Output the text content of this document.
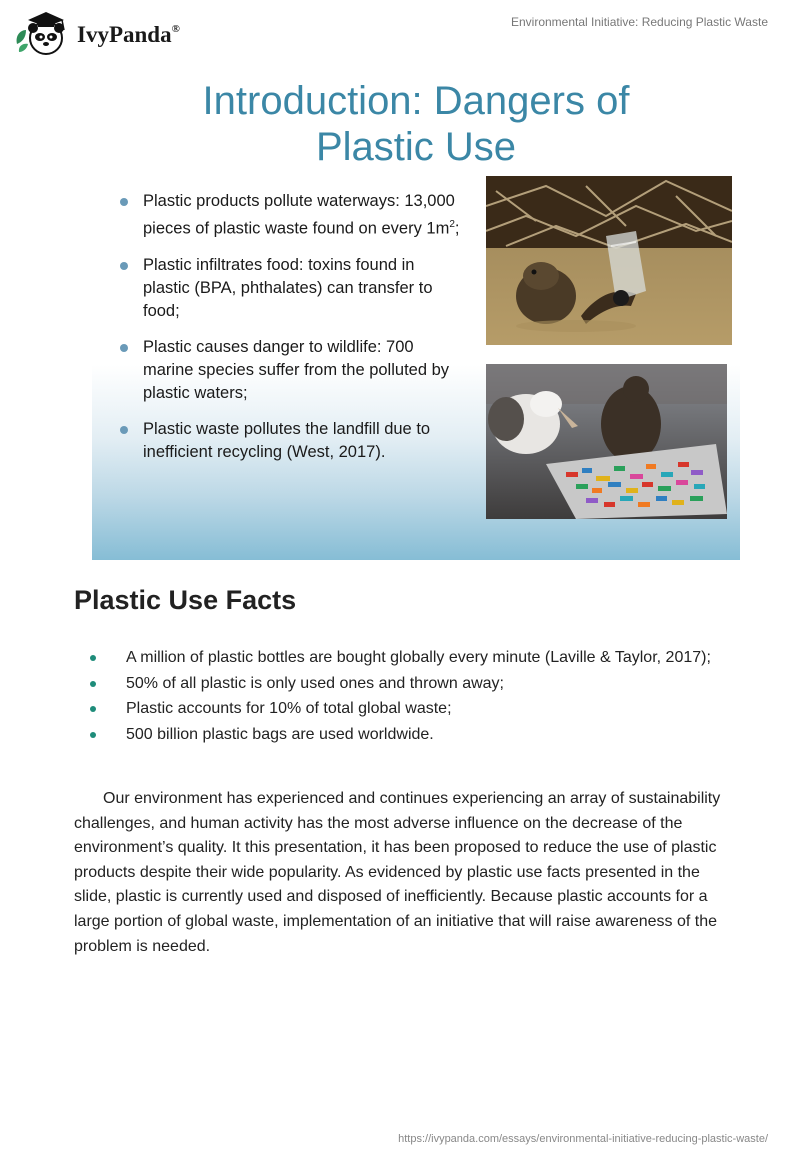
IvyPanda®	Environmental Initiative: Reducing Plastic Waste
Introduction: Dangers of
Plastic Use
Plastic products pollute waterways: 13,000 pieces of plastic waste found on every $1m^2$;
Plastic infiltrates food: toxins found in plastic (BPA, phthalates) can transfer to food;
Plastic causes danger to wildlife: 700 marine species suffer from the polluted by plastic waters;
Plastic waste pollutes the landfill due to inefficient recycling (West, 2017).
Plastic Use Facts
A million of plastic bottles are bought globally every minute (Laville & Taylor, 2017);
50% of all plastic is only used ones and thrown away;
Plastic accounts for 10% of total global waste;
500 billion plastic bags are used worldwide.

Our environment has experienced and continues experiencing an array of sustainability challenges, and human activity has the most adverse influence on the decrease of the environment’s quality. It this presentation, it has been proposed to reduce the use of plastic products despite their wide popularity. As evidenced by plastic use facts presented in the slide, plastic is currently used and disposed of inefficiently. Because plastic accounts for a large portion of global waste, implementation of an initiative that will raise awareness of the problem is needed.

https://ivypanda.com/essays/environmental-initiative-reducing-plastic-waste/
